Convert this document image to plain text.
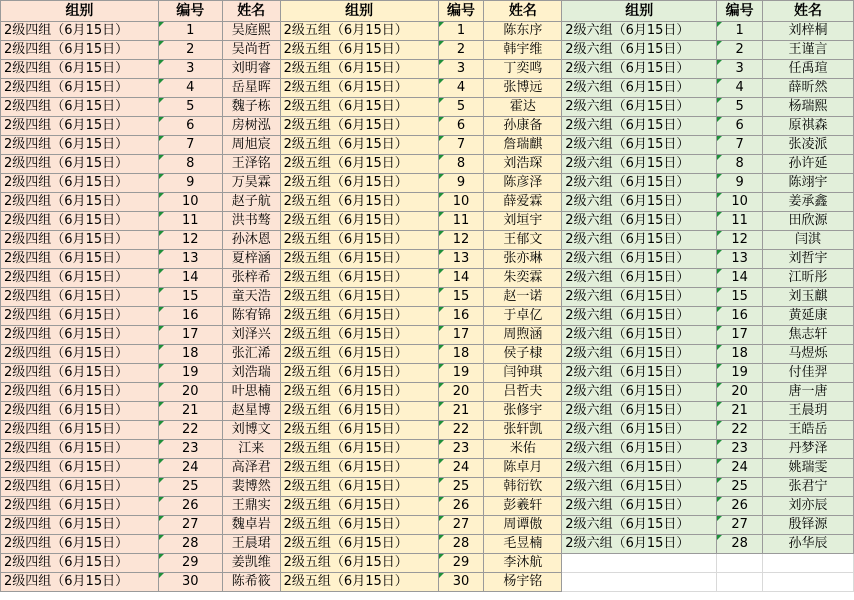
组别	编号	姓名	组别	编号	姓名	组别	编号	姓名
2级四组（6月15日）	1	吴庭熙	2级五组（6月15日）	1	陈东序	2级六组（6月15日）	1	刘梓桐
2级四组（6月15日）	2	吴尚哲	2级五组（6月15日）	2	韩宇维	2级六组（6月15日）	2	王谨言
2级四组（6月15日）	3	刘明睿	2级五组（6月15日）	3	丁奕鸣	2级六组（6月15日）	3	任禹瑄
2级四组（6月15日）	4	岳星晖	2级五组（6月15日）	4	张博远	2级六组（6月15日）	4	薛昕然
2级四组（6月15日）	5	魏子栋	2级五组（6月15日）	5	霍达	2级六组（6月15日）	5	杨瑞熙
2级四组（6月15日）	6	房树泓	2级五组（6月15日）	6	孙康备	2级六组（6月15日）	6	原祺森
2级四组（6月15日）	7	周旭宸	2级五组（6月15日）	7	詹瑞麒	2级六组（6月15日）	7	张凌派
2级四组（6月15日）	8	王泽铭	2级五组（6月15日）	8	刘浩琛	2级六组（6月15日）	8	孙许延
2级四组（6月15日）	9	万昊霖	2级五组（6月15日）	9	陈彦泽	2级六组（6月15日）	9	陈翊宇
2级四组（6月15日）	10	赵子航	2级五组（6月15日）	10	薛爱霖	2级六组（6月15日）	10	姜承鑫
2级四组（6月15日）	11	洪书骜	2级五组（6月15日）	11	刘垣宇	2级六组（6月15日）	11	田欣源
2级四组（6月15日）	12	孙沐恩	2级五组（6月15日）	12	王郁文	2级六组（6月15日）	12	闫淇
2级四组（6月15日）	13	夏梓涵	2级五组（6月15日）	13	张亦琳	2级六组（6月15日）	13	刘哲宇
2级四组（6月15日）	14	张梓希	2级五组（6月15日）	14	朱奕霖	2级六组（6月15日）	14	江昕彤
2级四组（6月15日）	15	童天浩	2级五组（6月15日）	15	赵一诺	2级六组（6月15日）	15	刘玉麒
2级四组（6月15日）	16	陈宥锦	2级五组（6月15日）	16	于卓亿	2级六组（6月15日）	16	黄延康
2级四组（6月15日）	17	刘泽兴	2级五组（6月15日）	17	周煦涵	2级六组（6月15日）	17	焦志轩
2级四组（6月15日）	18	张汇浠	2级五组（6月15日）	18	侯子棣	2级六组（6月15日）	18	马煜烁
2级四组（6月15日）	19	刘浩瑞	2级五组（6月15日）	19	闫钟琪	2级六组（6月15日）	19	付佳羿
2级四组（6月15日）	20	叶思楠	2级五组（6月15日）	20	吕哲夫	2级六组（6月15日）	20	唐一唐
2级四组（6月15日）	21	赵星博	2级五组（6月15日）	21	张修宇	2级六组（6月15日）	21	王晨玥
2级四组（6月15日）	22	刘博文	2级五组（6月15日）	22	张轩凯	2级六组（6月15日）	22	王皓岳
2级四组（6月15日）	23	江来	2级五组（6月15日）	23	米佑	2级六组（6月15日）	23	丹梦泽
2级四组（6月15日）	24	高泽君	2级五组（6月15日）	24	陈卓月	2级六组（6月15日）	24	姚瑞雯
2级四组（6月15日）	25	裴博然	2级五组（6月15日）	25	韩衍钦	2级六组（6月15日）	25	张君宁
2级四组（6月15日）	26	王鼎实	2级五组（6月15日）	26	彭羲轩	2级六组（6月15日）	26	刘亦辰
2级四组（6月15日）	27	魏卓岩	2级五组（6月15日）	27	周谭傲	2级六组（6月15日）	27	殷铎源
2级四组（6月15日）	28	王晨珺	2级五组（6月15日）	28	毛昱楠	2级六组（6月15日）	28	孙华辰
2级四组（6月15日）	29	姜凯维	2级五组（6月15日）	29	李沐航			
2级四组（6月15日）	30	陈希筱	2级五组（6月15日）	30	杨宇铭			
